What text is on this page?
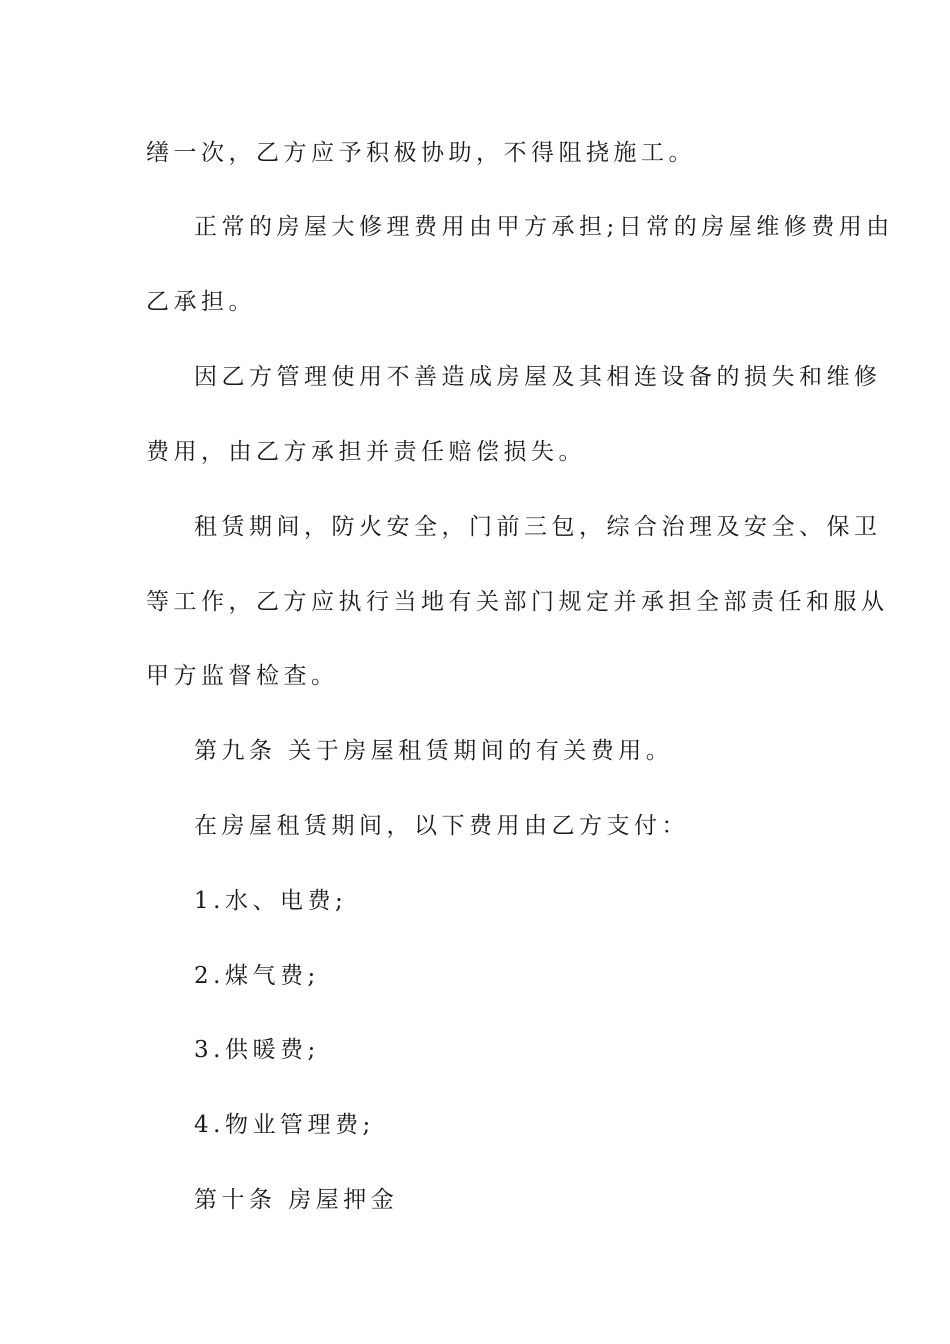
缮一次，乙方应予积极协助，不得阻挠施工。
正常的房屋大修理费用由甲方承担;日常的房屋维修费用由
乙承担。
因乙方管理使用不善造成房屋及其相连设备的损失和维修
费用，由乙方承担并责任赔偿损失。
租赁期间，防火安全，门前三包，综合治理及安全、保卫
等工作，乙方应执行当地有关部门规定并承担全部责任和服从
甲方监督检查。
第九条 关于房屋租赁期间的有关费用。
在房屋租赁期间，以下费用由乙方支付：
1.水、电费;
2.煤气费;
3.供暖费;
4.物业管理费;
第十条 房屋押金
